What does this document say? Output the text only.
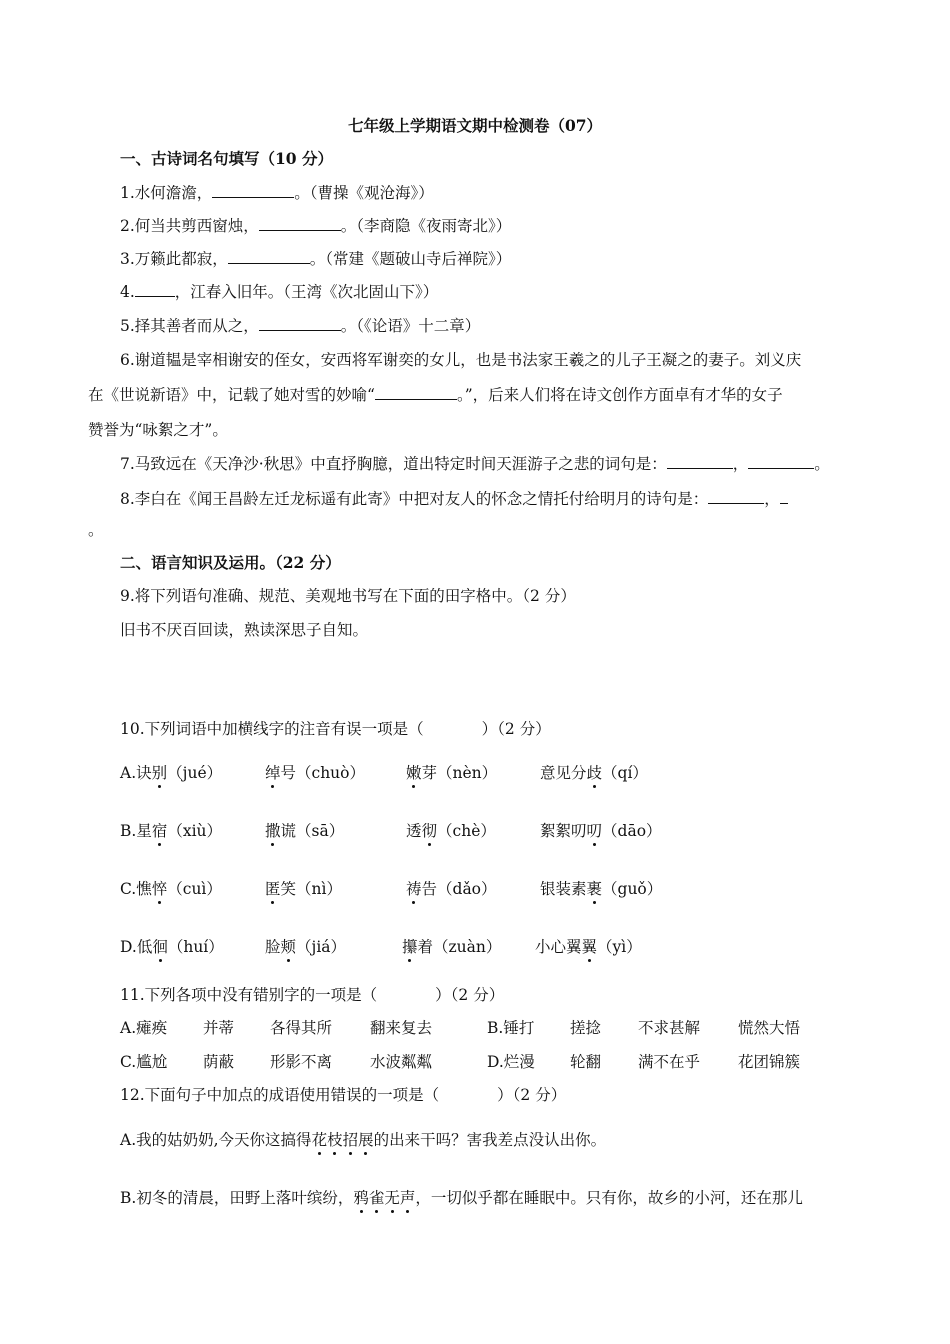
七年级上学期语文期中检测卷（07）
一、古诗词名句填写（10 分）
1.水何澹澹，	。（曹操《观沧海》）
2.何当共剪西窗烛，	。（李商隐《夜雨寄北》）
3.万籁此都寂，	。（常建《题破山寺后禅院》）
4.	，江春入旧年。（王湾《次北固山下》）
5.择其善者而从之，	。（《论语》十二章）
6.谢道韫是宰相谢安的侄女，安西将军谢奕的女儿，也是书法家王羲之的儿子王凝之的妻子。刘义庆
在《世说新语》中，记载了她对雪的妙喻“	。”，后来人们将在诗文创作方面卓有才华的女子
赞誉为“咏絮之才”。
7.马致远在《天净沙·秋思》中直抒胸臆，道出特定时间天涯游子之悲的词句是：	，	。
8.李白在《闻王昌龄左迁龙标遥有此寄》中把对友人的怀念之情托付给明月的诗句是：	，
。
二、语言知识及运用。（22 分）
9.将下列语句准确、规范、美观地书写在下面的田字格中。（2 分）
旧书不厌百回读，熟读深思子自知。
10.下列词语中加横线字的注音有误一项是（	）（2 分）
A.诀别（jué）	绰号（chuò）	嫩芽（nèn）	意见分歧（qí）
B.星宿（xiù）	撒谎（sā）	透彻（chè）	絮絮叨叨（dāo）
C.憔悴（cuì）	匿笑（nì）	祷告（dǎo）	银装素裹（guǒ）
D.低徊（huí）	脸颊（jiá）	攥着（zuàn） 小心翼翼（yì）
11.下列各项中没有错别字的一项是（	）（2 分）
A.瘫痪 并蒂 各得其所 翻来复去	B.锤打 搓捻 不求甚解 慌然大悟
C.尴尬 荫蔽 形影不离 水波粼粼	D.烂漫 轮翻 满不在乎 花团锦簇
12.下面句子中加点的成语使用错误的一项是（	）（2 分）
A.我的姑奶奶,今天你这搞得花枝招展的出来干吗？害我差点没认出你。
B.初冬的清晨，田野上落叶缤纷，鸦雀无声，一切似乎都在睡眠中。只有你，故乡的小河，还在那儿
